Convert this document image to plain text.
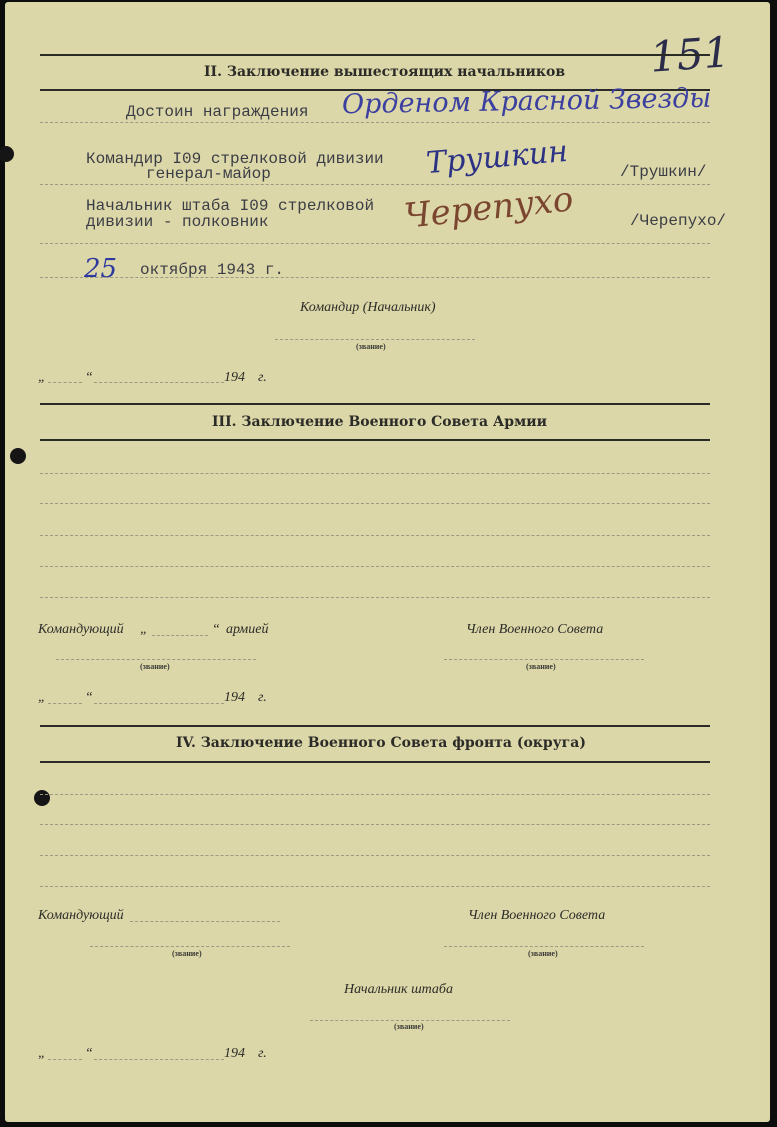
151
II. Заключение вышестоящих начальников
Достоин награждения Орденом Красной Звезды
Командир I09 стрелковой дивизии
генерал-майор	Трушкин	/Трушкин/
Начальник штаба I09 стрелковой
дивизии - полковник	Черепухо	/Черепухо/
25 октября 1943 г.
Командир (Начальник)
(звание)
„	“	194 г.
III. Заключение Военного Совета Армии
Командующий „	“ армией	Член Военного Совета
(звание)	(звание)
„	“	194 г.
IV. Заключение Военного Совета фронта (округа)
Командующий	Член Военного Совета
(звание)	(звание)
Начальник штаба
(звание)
„	“	194 г.
